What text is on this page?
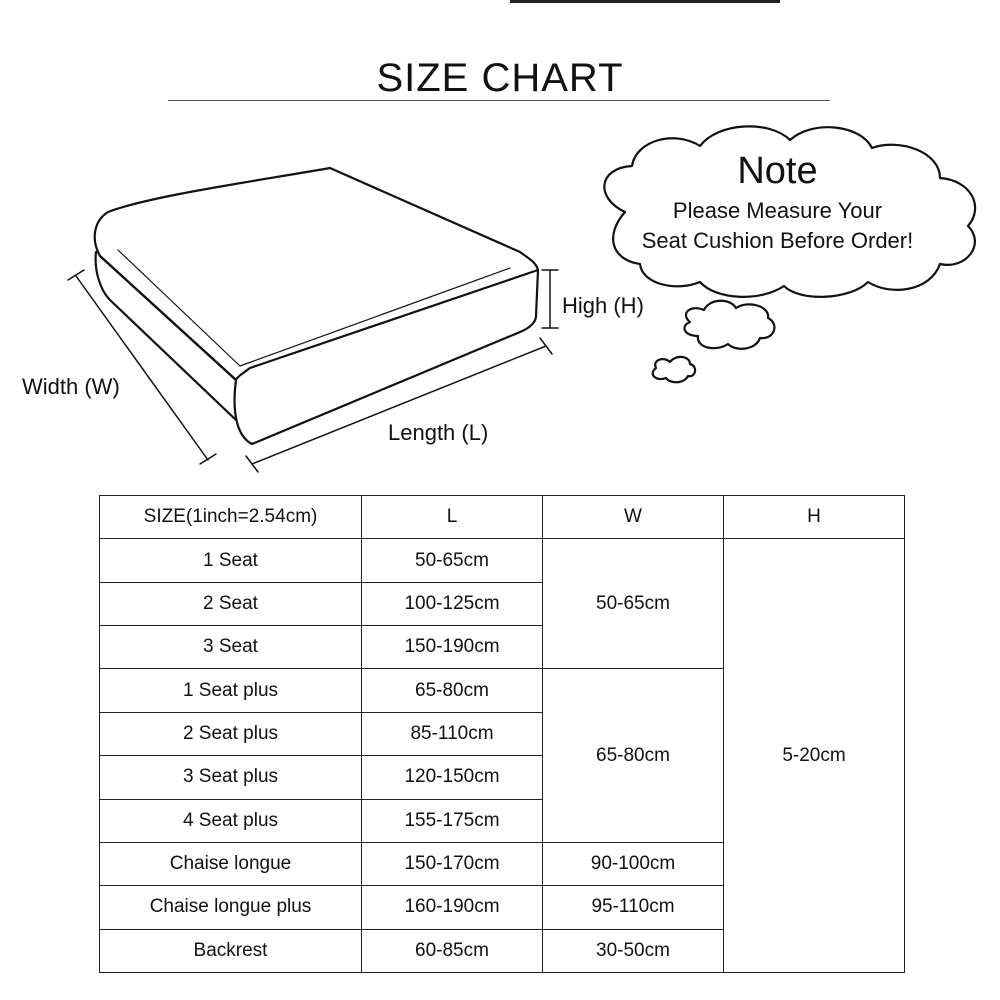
SIZE CHART
Width (W)
Length (L)
High (H)
Note
Please Measure Your
Seat Cushion Before Order!
SIZE(1inch=2.54cm)	L	W	H
1 Seat	50-65cm	50-65cm	5-20cm
2 Seat	100-125cm		
3 Seat	150-190cm		
1 Seat plus	65-80cm	65-80cm	
2 Seat plus	85-110cm		
3 Seat plus	120-150cm		
4 Seat plus	155-175cm		
Chaise longue	150-170cm	90-100cm	
Chaise longue plus	160-190cm	95-110cm	
Backrest	60-85cm	30-50cm	
